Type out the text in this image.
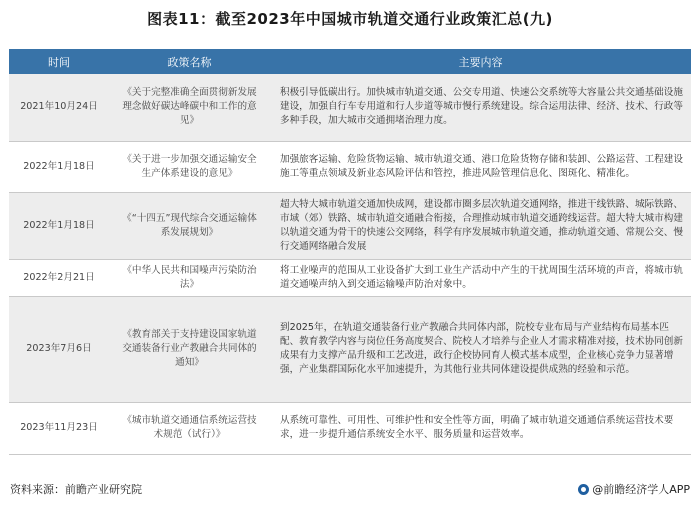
图表11：截至2023年中国城市轨道交通行业政策汇总(九)
时间	政策名称	主要内容
2021年10月24日	《关于完整准确全面贯彻新发展理念做好碳达峰碳中和工作的意见》	积极引导低碳出行。加快城市轨道交通、公交专用道、快速公交系统等大容量公共交通基础设施建设，加强自行车专用道和行人步道等城市慢行系统建设。综合运用法律、经济、技术、行政等多种手段，加大城市交通拥堵治理力度。
2022年1月18日	《关于进一步加强交通运输安全生产体系建设的意见》	加强旅客运输、危险货物运输、城市轨道交通、港口危险货物存储和装卸、公路运营、工程建设施工等重点领域及新业态风险评估和管控，推进风险管理信息化、图斑化、精准化。
2022年1月18日	《“十四五”现代综合交通运输体系发展规划》	超大特大城市轨道交通加快成网，建设都市圈多层次轨道交通网络，推进干线铁路、城际铁路、市域（郊）铁路、城市轨道交通融合衔接，合理推动城市轨道交通跨线运营。超大特大城市构建以轨道交通为骨干的快速公交网络，科学有序发展城市轨道交通，推动轨道交通、常规公交、慢行交通网络融合发展
2022年2月21日	《中华人民共和国噪声污染防治法》	将工业噪声的范围从工业设备扩大到工业生产活动中产生的干扰周围生活环境的声音，将城市轨道交通噪声纳入到交通运输噪声防治对象中。
2023年7月6日	《教育部关于支持建设国家轨道交通装备行业产教融合共同体的通知》	到2025年，在轨道交通装备行业产教融合共同体内部，院校专业布局与产业结构布局基本匹配、教育教学内容与岗位任务高度契合、院校人才培养与企业人才需求精准对接，技术协同创新成果有力支撑产品升级和工艺改进，政行企校协同育人模式基本成型，企业核心竞争力显著增强，产业集群国际化水平加速提升，为其他行业共同体建设提供成熟的经验和示范。
2023年11月23日	《城市轨道交通通信系统运营技术规范（试行）》	从系统可靠性、可用性、可维护性和安全性等方面，明确了城市轨道交通通信系统运营技术要求，进一步提升通信系统安全水平、服务质量和运营效率。
资料来源：前瞻产业研究院	@前瞻经济学人APP
